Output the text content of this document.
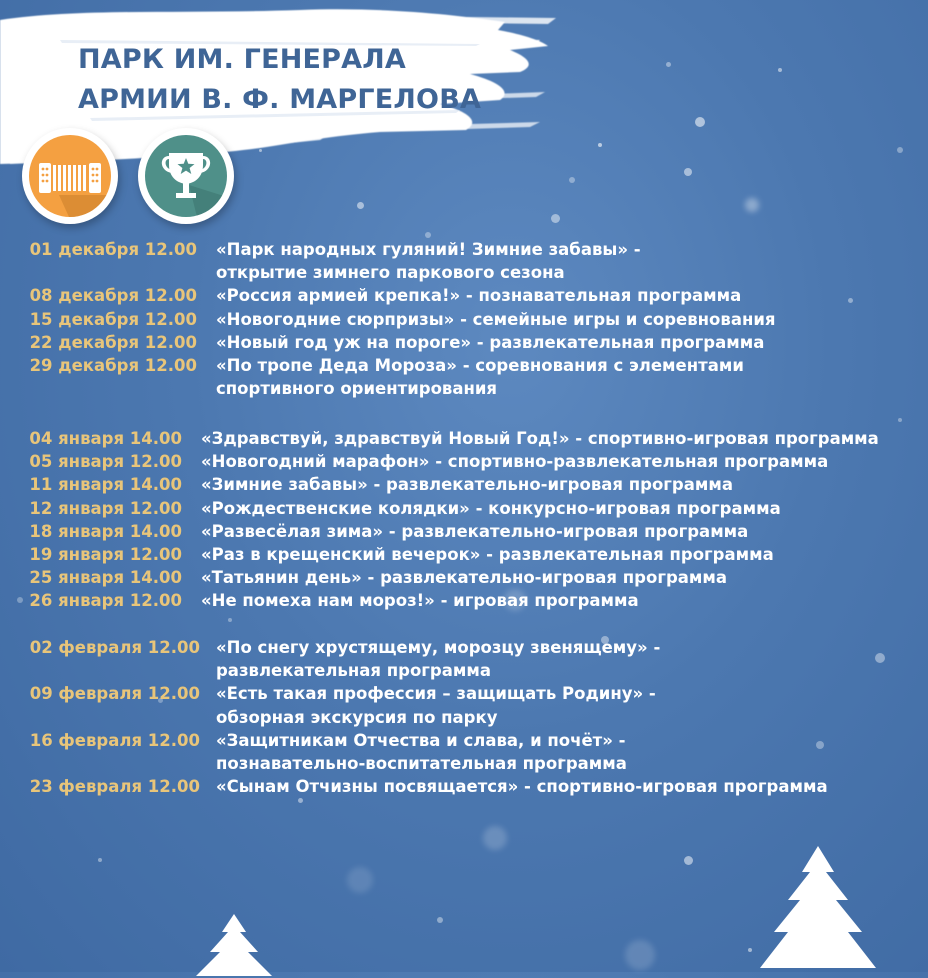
ПАРК ИМ. ГЕНЕРАЛА
АРМИИ В. Ф. МАРГЕЛОВА
01 декабря 12.00 «Парк народных гуляний! Зимние забавы» -
открытие зимнего паркового сезона
08 декабря 12.00 «Россия армией крепка!» - познавательная программа
15 декабря 12.00 «Новогодние сюрпризы» - семейные игры и соревнования
22 декабря 12.00 «Новый год уж на пороге» - развлекательная программа
29 декабря 12.00 «По тропе Деда Мороза» - соревнования с элементами
спортивного ориентирования
04 января 14.00 «Здравствуй, здравствуй Новый Год!» - спортивно-игровая программа
05 января 12.00 «Новогодний марафон» - спортивно-развлекательная программа
11 января 14.00 «Зимние забавы» - развлекательно-игровая программа
12 января 12.00 «Рождественские колядки» - конкурсно-игровая программа
18 января 14.00 «Развесёлая зима» - развлекательно-игровая программа
19 января 12.00 «Раз в крещенский вечерок» - развлекательная программа
25 января 14.00 «Татьянин день» - развлекательно-игровая программа
26 января 12.00 «Не помеха нам мороз!» - игровая программа
02 февраля 12.00 «По снегу хрустящему, морозцу звенящему» -
развлекательная программа
09 февраля 12.00 «Есть такая профессия – защищать Родину» -
обзорная экскурсия по парку
16 февраля 12.00 «Защитникам Отчества и слава, и почёт» -
познавательно-воспитательная программа
23 февраля 12.00 «Сынам Отчизны посвящается» - спортивно-игровая программа
